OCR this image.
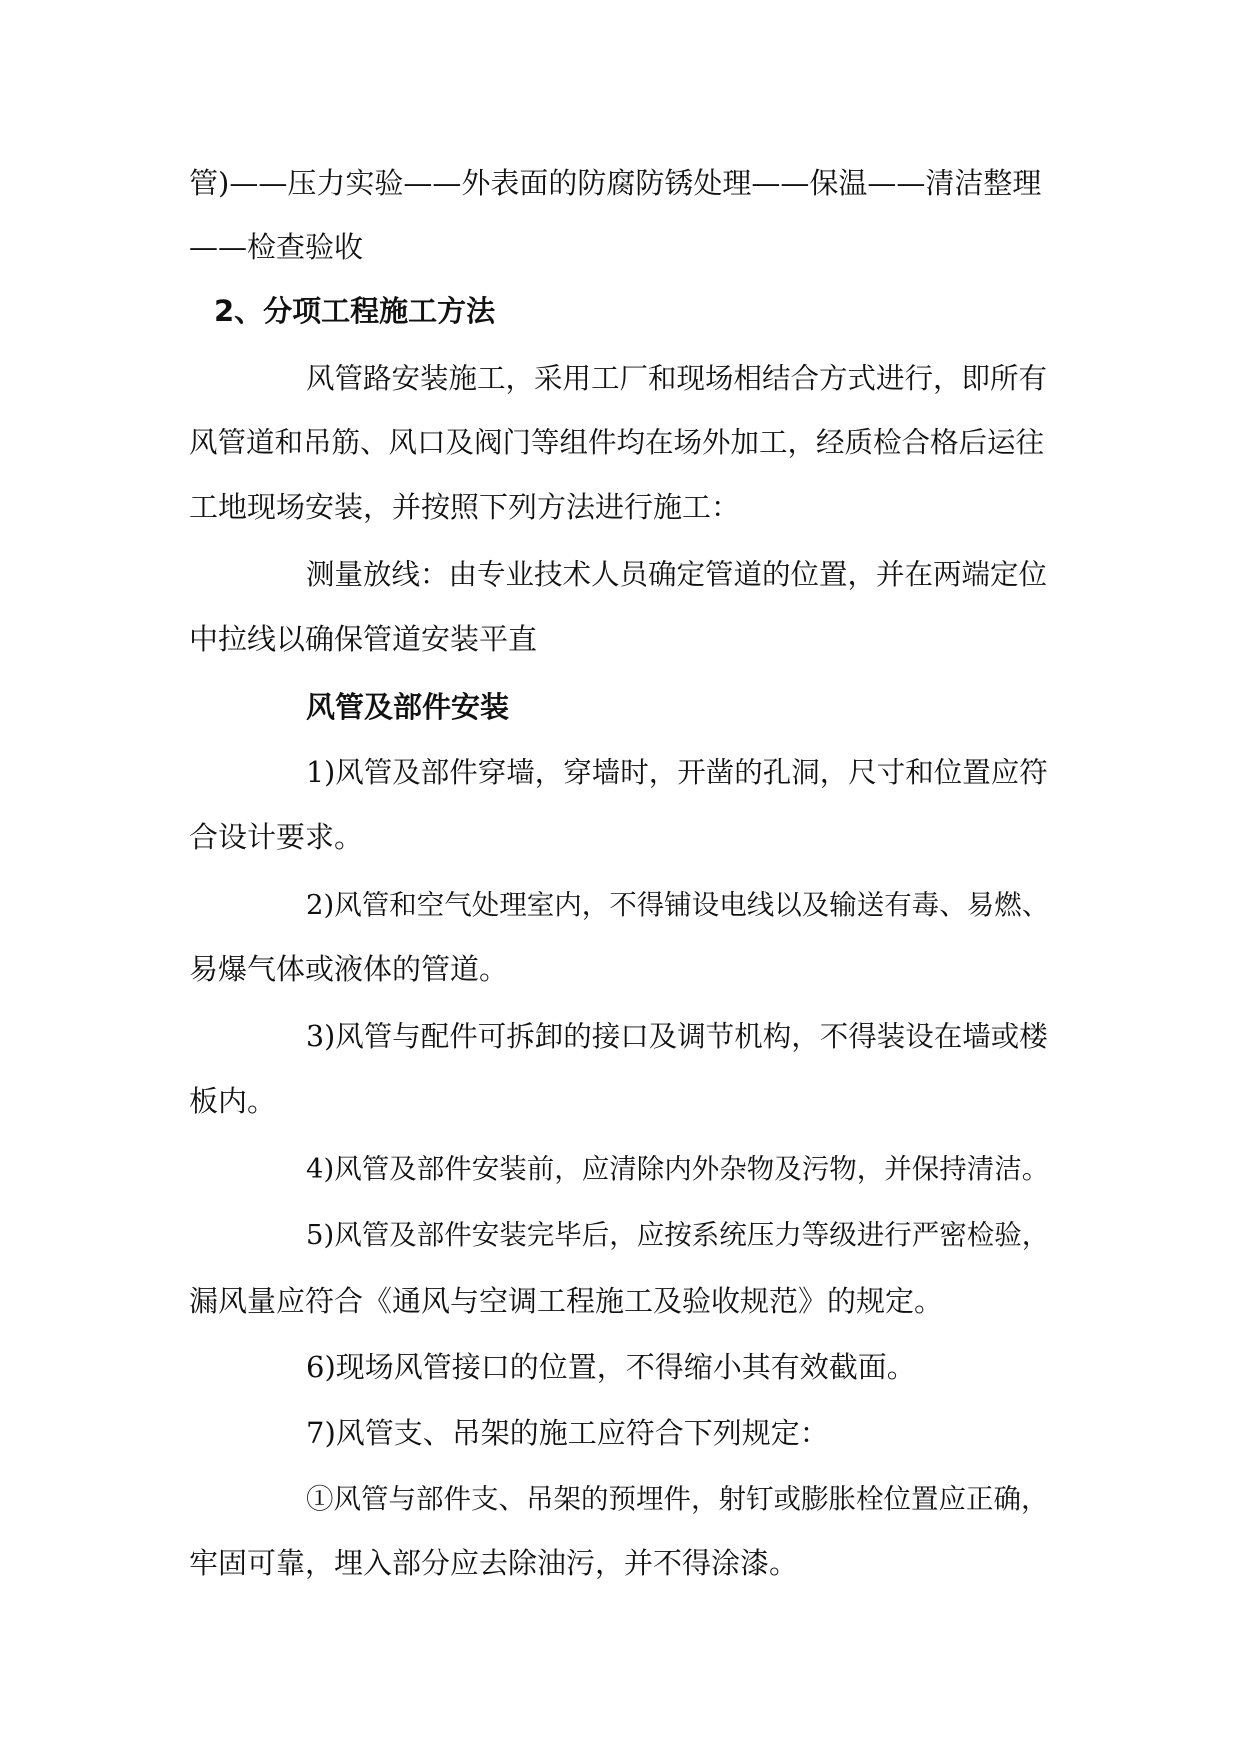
管)——压力实验——外表面的防腐防锈处理——保温——清洁整理

——检查验收

2、分项工程施工方法

风管路安装施工，采用工厂和现场相结合方式进行，即所有

风管道和吊筋、风口及阀门等组件均在场外加工，经质检合格后运往

工地现场安装，并按照下列方法进行施工：

测量放线：由专业技术人员确定管道的位置，并在两端定位

中拉线以确保管道安装平直

风管及部件安装

1)风管及部件穿墙，穿墙时，开凿的孔洞，尺寸和位置应符

合设计要求。

2)风管和空气处理室内，不得铺设电线以及输送有毒、易燃、

易爆气体或液体的管道。

3)风管与配件可拆卸的接口及调节机构，不得装设在墙或楼

板内。

4)风管及部件安装前，应清除内外杂物及污物，并保持清洁。

5)风管及部件安装完毕后，应按系统压力等级进行严密检验，

漏风量应符合《通风与空调工程施工及验收规范》的规定。

6)现场风管接口的位置，不得缩小其有效截面。

7)风管支、吊架的施工应符合下列规定：

①风管与部件支、吊架的预埋件，射钉或膨胀栓位置应正确，

牢固可靠，埋入部分应去除油污，并不得涂漆。
